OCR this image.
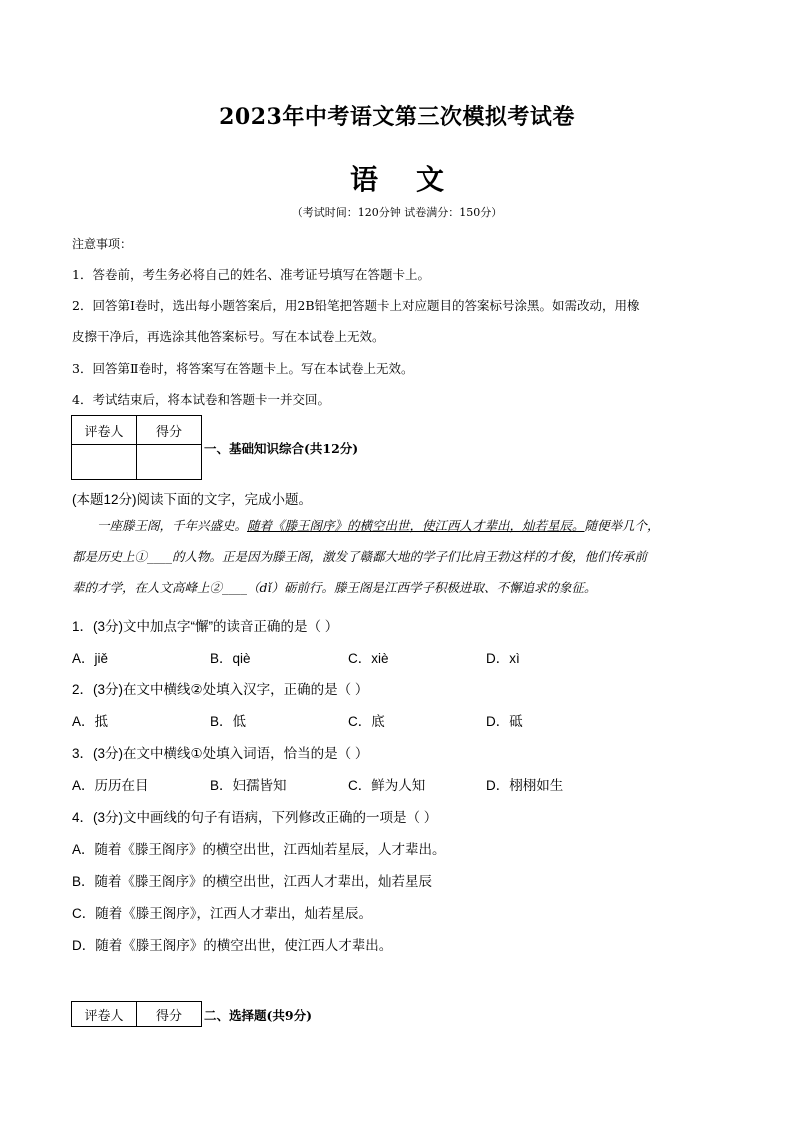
2023年中考语文第三次模拟考试卷
语 文
（考试时间：120分钟 试卷满分：150分）
注意事项：
1．答卷前，考生务必将自己的姓名、准考证号填写在答题卡上。
2．回答第Ⅰ卷时，选出每小题答案后，用2B铅笔把答题卡上对应题目的答案标号涂黑。如需改动，用橡
皮擦干净后，再选涂其他答案标号。写在本试卷上无效。
3．回答第Ⅱ卷时，将答案写在答题卡上。写在本试卷上无效。
4．考试结束后，将本试卷和答题卡一并交回。
评卷人	得分

一、基础知识综合(共12分)
(本题12分)阅读下面的文字，完成小题。
一座滕王阁，千年兴盛史。随着《滕王阁序》的横空出世，使江西人才辈出，灿若星辰。随便举几个，
都是历史上①____的人物。正是因为滕王阁，激发了赣鄱大地的学子们比肩王勃这样的才俊，他们传承前
辈的才学，在人文高峰上②____（dǐ）砺前行。滕王阁是江西学子积极进取、不懈追求的象征。
1．(3分)文中加点字“懈”的读音正确的是（ ）
A．jiě	B．qiè	C．xiè	D．xì
2．(3分)在文中横线②处填入汉字，正确的是（ ）
A．抵	B．低	C．底	D．砥
3．(3分)在文中横线①处填入词语，恰当的是（ ）
A．历历在目	B．妇孺皆知	C．鲜为人知	D．栩栩如生
4．(3分)文中画线的句子有语病，下列修改正确的一项是（ ）
A．随着《滕王阁序》的横空出世，江西灿若星辰，人才辈出。
B．随着《滕王阁序》的横空出世，江西人才辈出，灿若星辰
C．随着《滕王阁序》，江西人才辈出，灿若星辰。
D．随着《滕王阁序》的横空出世，使江西人才辈出。
评卷人	得分 二、选择题(共9分)
